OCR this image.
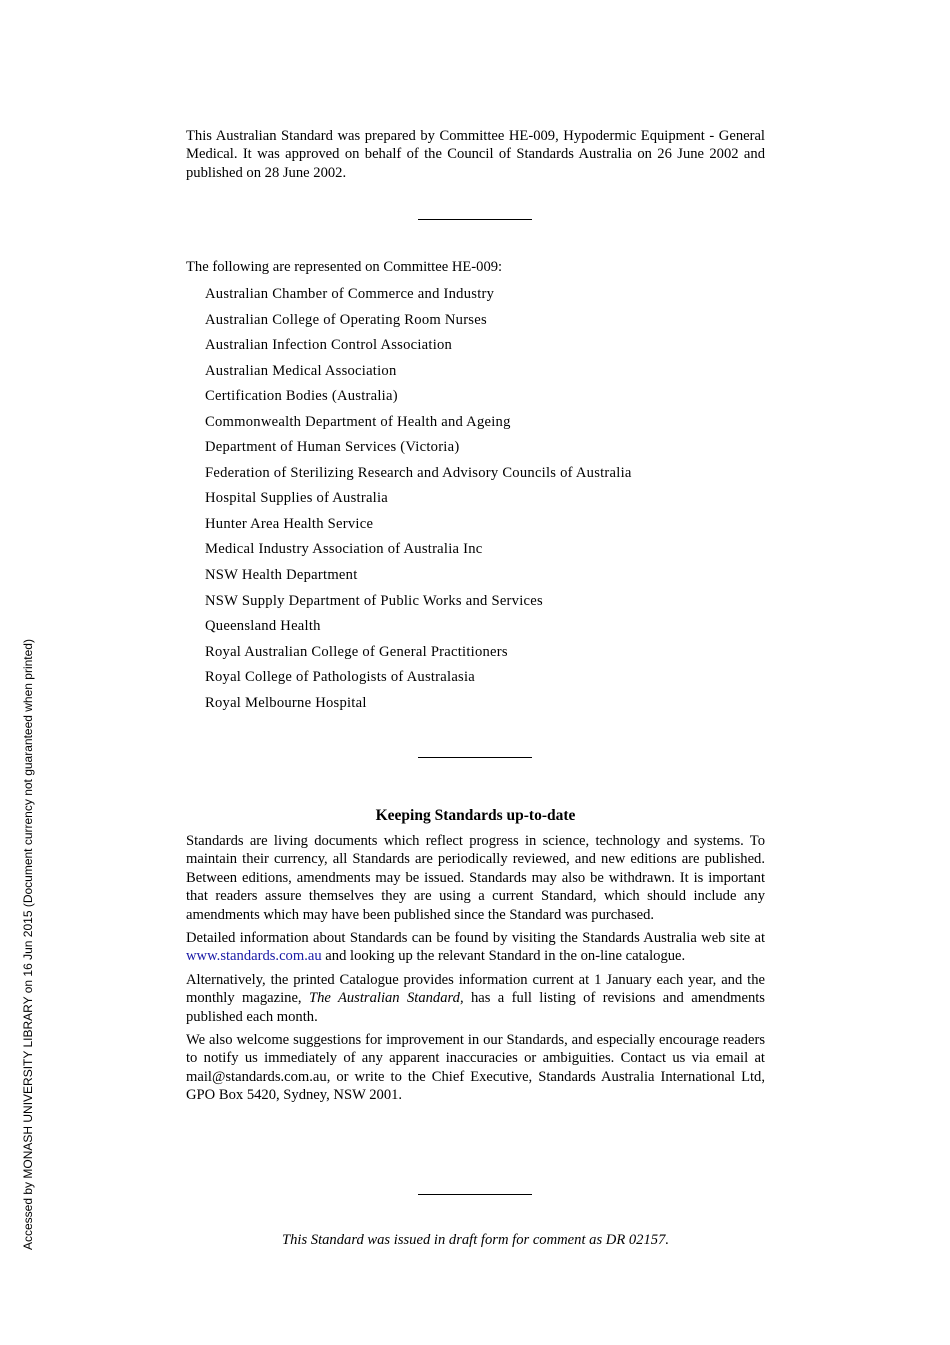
This Australian Standard was prepared by Committee HE-009, Hypodermic Equipment - General Medical. It was approved on behalf of the Council of Standards Australia on 26 June 2002 and published on 28 June 2002.

The following are represented on Committee HE-009:
Australian Chamber of Commerce and Industry
Australian College of Operating Room Nurses
Australian Infection Control Association
Australian Medical Association
Certification Bodies (Australia)
Commonwealth Department of Health and Ageing
Department of Human Services (Victoria)
Federation of Sterilizing Research and Advisory Councils of Australia
Hospital Supplies of Australia
Hunter Area Health Service
Medical Industry Association of Australia Inc
NSW Health Department
NSW Supply Department of Public Works and Services
Queensland Health
Royal Australian College of General Practitioners
Royal College of Pathologists of Australasia
Royal Melbourne Hospital
Keeping Standards up-to-date

Standards are living documents which reflect progress in science, technology and systems. To maintain their currency, all Standards are periodically reviewed, and new editions are published. Between editions, amendments may be issued. Standards may also be withdrawn. It is important that readers assure themselves they are using a current Standard, which should include any amendments which may have been published since the Standard was purchased.

Detailed information about Standards can be found by visiting the Standards Australia web site at www.standards.com.au and looking up the relevant Standard in the on-line catalogue.

Alternatively, the printed Catalogue provides information current at 1 January each year, and the monthly magazine, The Australian Standard, has a full listing of revisions and amendments published each month.

We also welcome suggestions for improvement in our Standards, and especially encourage readers to notify us immediately of any apparent inaccuracies or ambiguities. Contact us via email at mail@standards.com.au, or write to the Chief Executive, Standards Australia International Ltd, GPO Box 5420, Sydney, NSW 2001.

This Standard was issued in draft form for comment as DR 02157.
Accessed by MONASH UNIVERSITY LIBRARY on 16 Jun 2015 (Document currency not guaranteed when printed)
